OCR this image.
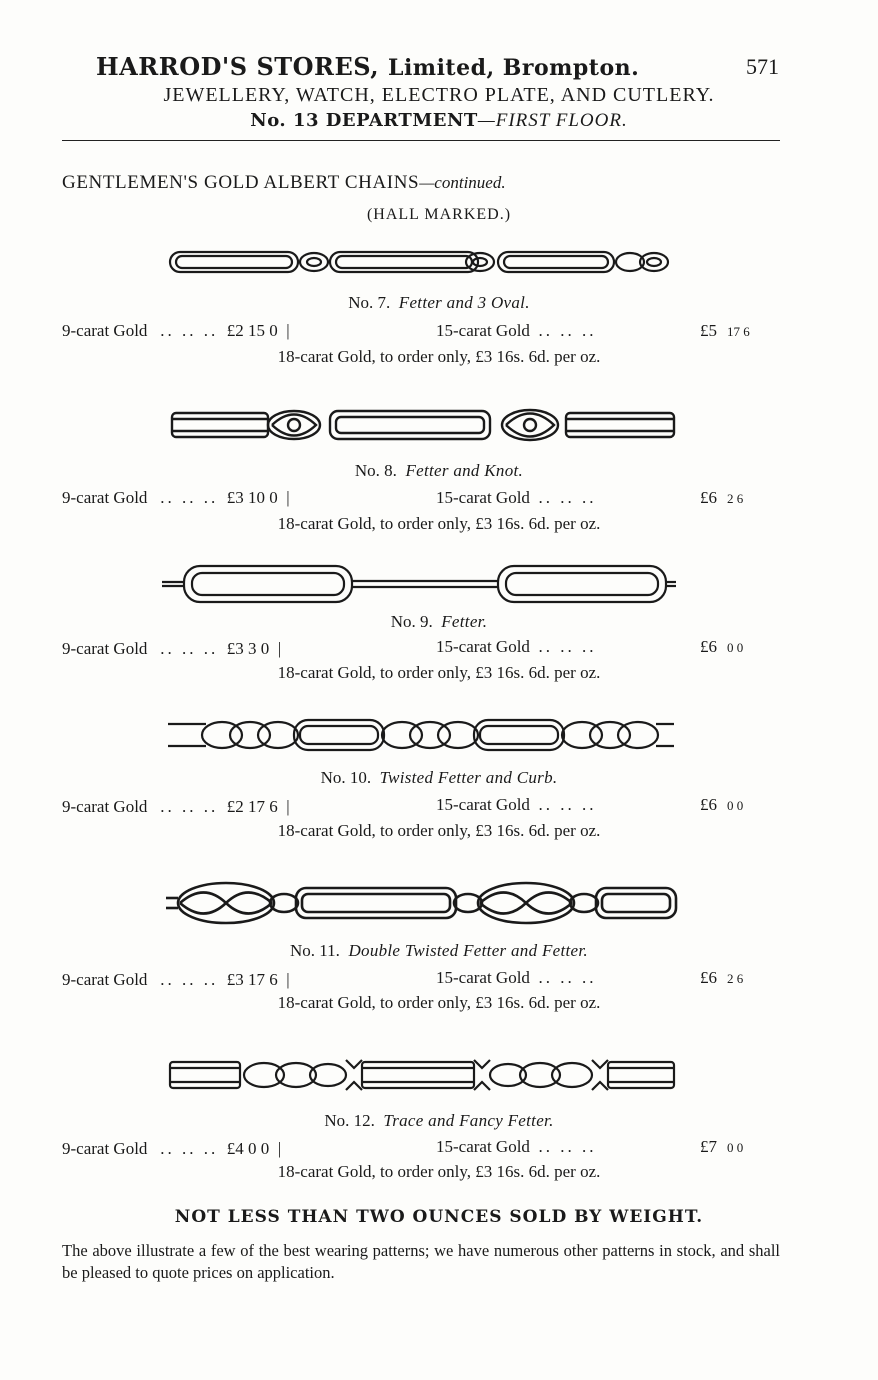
HARROD'S STORES, Limited, Brompton.	571
JEWELLERY, WATCH, ELECTRO PLATE, AND CUTLERY.
No. 13 DEPARTMENT—FIRST FLOOR.
GENTLEMEN'S GOLD ALBERT CHAINS—continued.
(HALL MARKED.)
No. 7. Fetter and 3 Oval.
9-carat Gold .. .. .. £2 15 0  |	15-carat Gold .. .. ..	£5 17 6
18-carat Gold, to order only, £3 16s. 6d. per oz.
No. 8. Fetter and Knot.
9-carat Gold .. .. .. £3 10 0  |	15-carat Gold .. .. ..	£6 2 6
18-carat Gold, to order only, £3 16s. 6d. per oz.
No. 9. Fetter.
9-carat Gold .. .. .. £3 3 0  |	15-carat Gold .. .. ..	£6 0 0
18-carat Gold, to order only, £3 16s. 6d. per oz.
No. 10. Twisted Fetter and Curb.
9-carat Gold .. .. .. £2 17 6  |	15-carat Gold .. .. ..	£6 0 0
18-carat Gold, to order only, £3 16s. 6d. per oz.
No. 11. Double Twisted Fetter and Fetter.
9-carat Gold .. .. .. £3 17 6  |	15-carat Gold .. .. ..	£6 2 6
18-carat Gold, to order only, £3 16s. 6d. per oz.
No. 12. Trace and Fancy Fetter.
9-carat Gold .. .. .. £4 0 0  |	15-carat Gold .. .. ..	£7 0 0
18-carat Gold, to order only, £3 16s. 6d. per oz.
NOT LESS THAN TWO OUNCES SOLD BY WEIGHT.
The above illustrate a few of the best wearing patterns; we have numerous other patterns in stock, and shall be pleased to quote prices on application.
